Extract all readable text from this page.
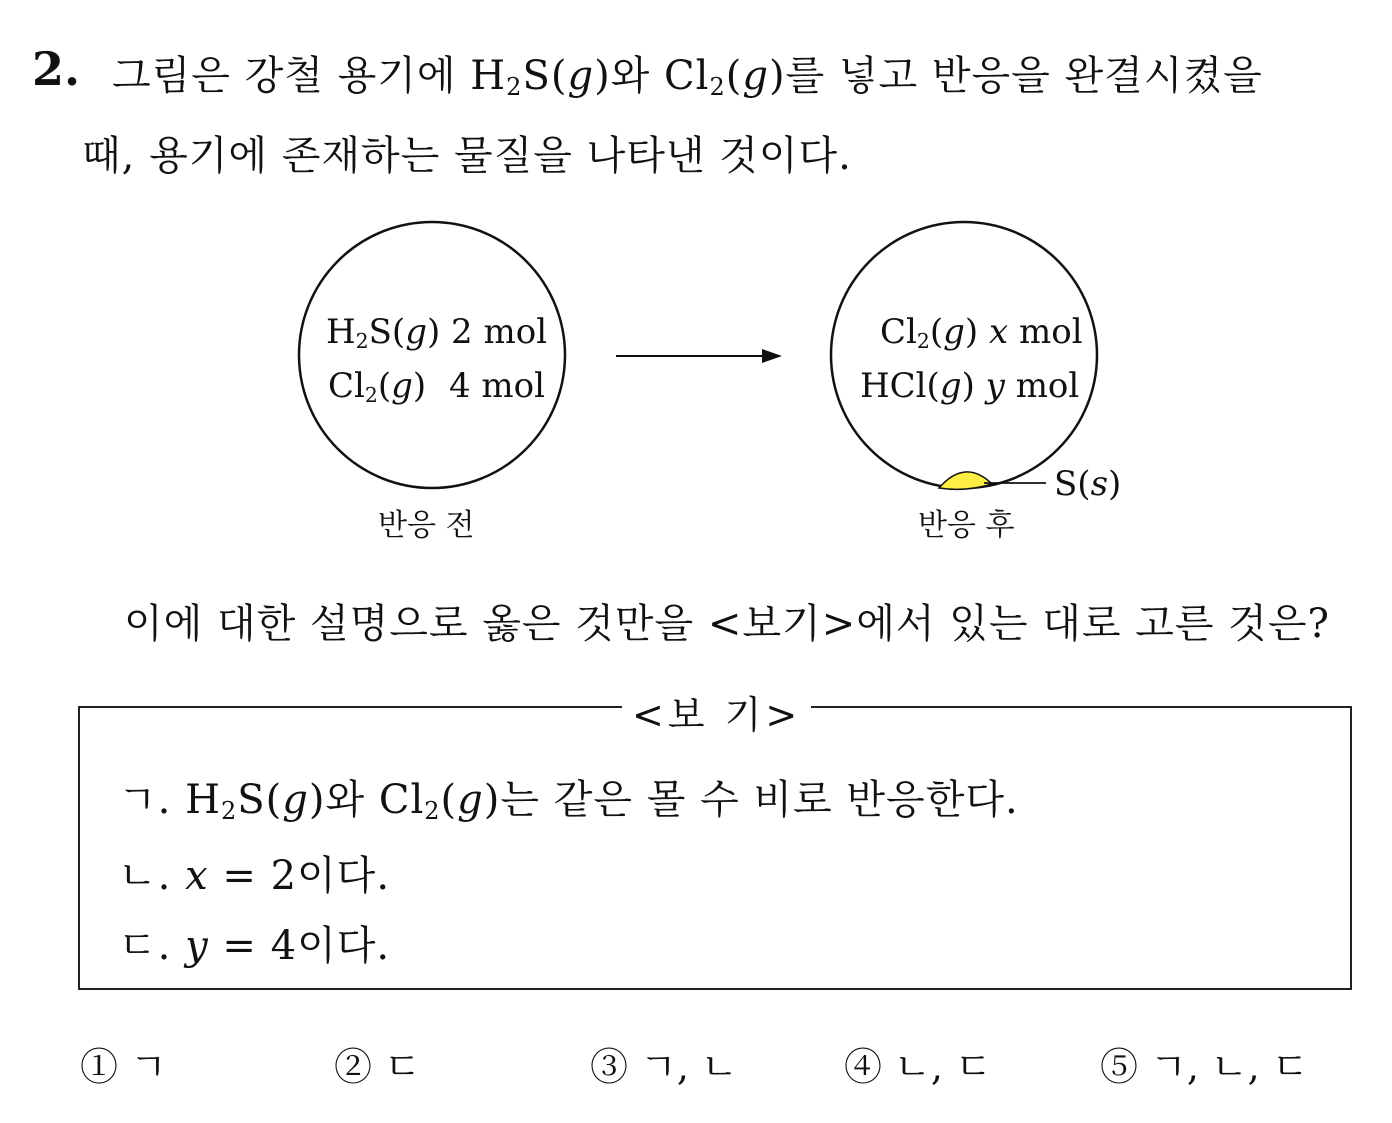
2. 그림은 강철 용기에 $H_2S(g)$와 $Cl_2(g)$를 넣고 반응을 완결시켰을
때, 용기에 존재하는 물질을 나타낸 것이다.
$H_2S(g)$ 2 mol
$Cl_2(g)$ 4 mol
반응 전
$Cl_2(g)$ x mol
HCl(g) y mol
S(s)
반응 후
이에 대한 설명으로 옳은 것만을 <보기>에서 있는 대로 고른 것은?
<보 기>
ㄱ. $H_2S(g)$와 $Cl_2(g)$는 같은 몰 수 비로 반응한다.
ㄴ. x = 2이다.
ㄷ. y = 4이다.
① ㄱ	② ㄷ	③ ㄱ, ㄴ	④ ㄴ, ㄷ	⑤ ㄱ, ㄴ, ㄷ
